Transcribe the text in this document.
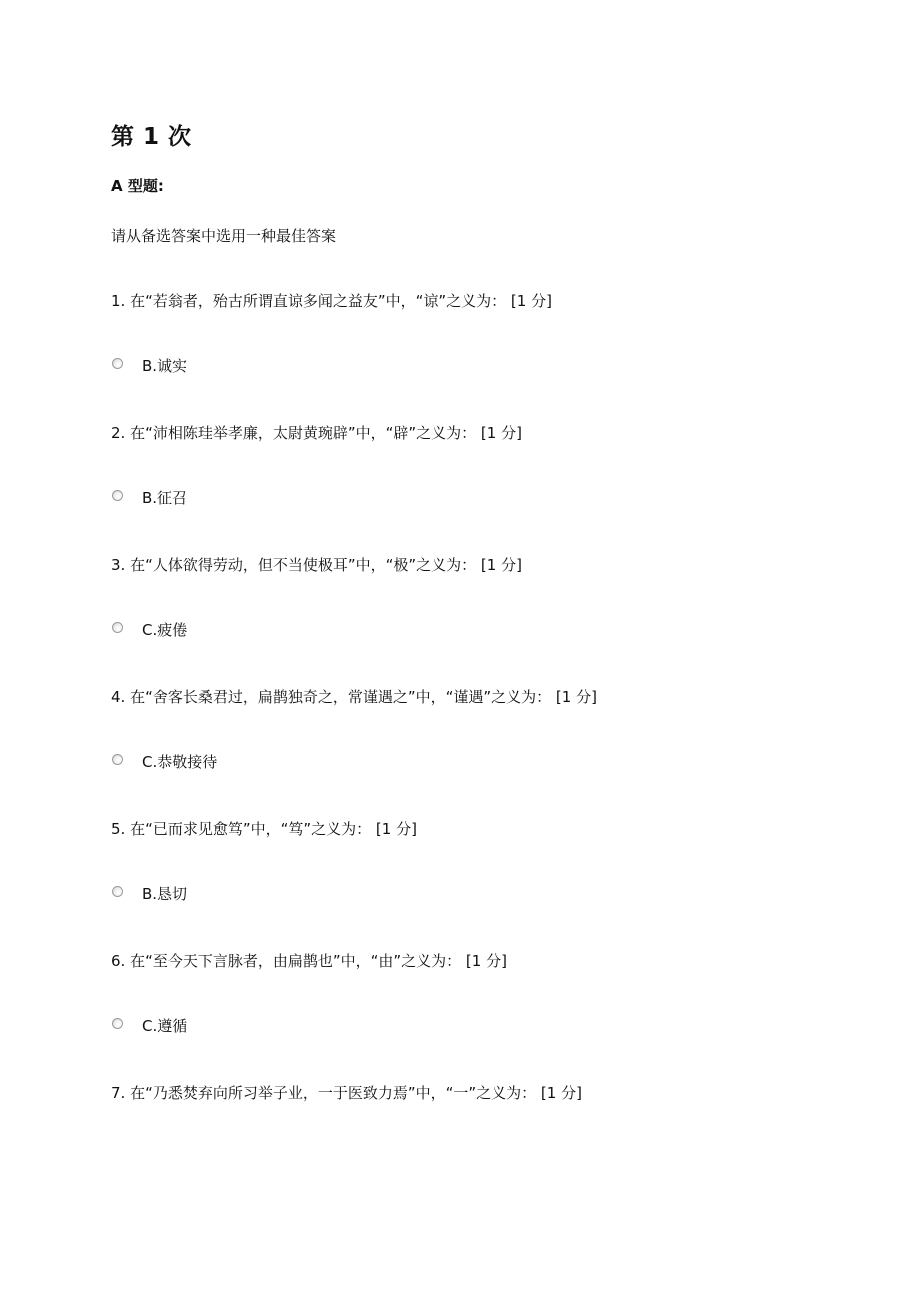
第 1 次
A 型题:
请从备选答案中选用一种最佳答案
1. 在“若翁者，殆古所谓直谅多闻之益友”中，“谅”之义为： [1 分]
B.诚实
2. 在“沛相陈珪举孝廉，太尉黄琬辟”中，“辟”之义为： [1 分]
B.征召
3. 在“人体欲得劳动，但不当使极耳”中，“极”之义为： [1 分]
C.疲倦
4. 在“舍客长桑君过，扁鹊独奇之，常谨遇之”中，“谨遇”之义为： [1 分]
C.恭敬接待
5. 在“已而求见愈笃”中，“笃”之义为： [1 分]
B.恳切
6. 在“至今天下言脉者，由扁鹊也”中，“由”之义为： [1 分]
C.遵循
7. 在“乃悉焚弃向所习举子业，一于医致力焉”中，“一”之义为： [1 分]
